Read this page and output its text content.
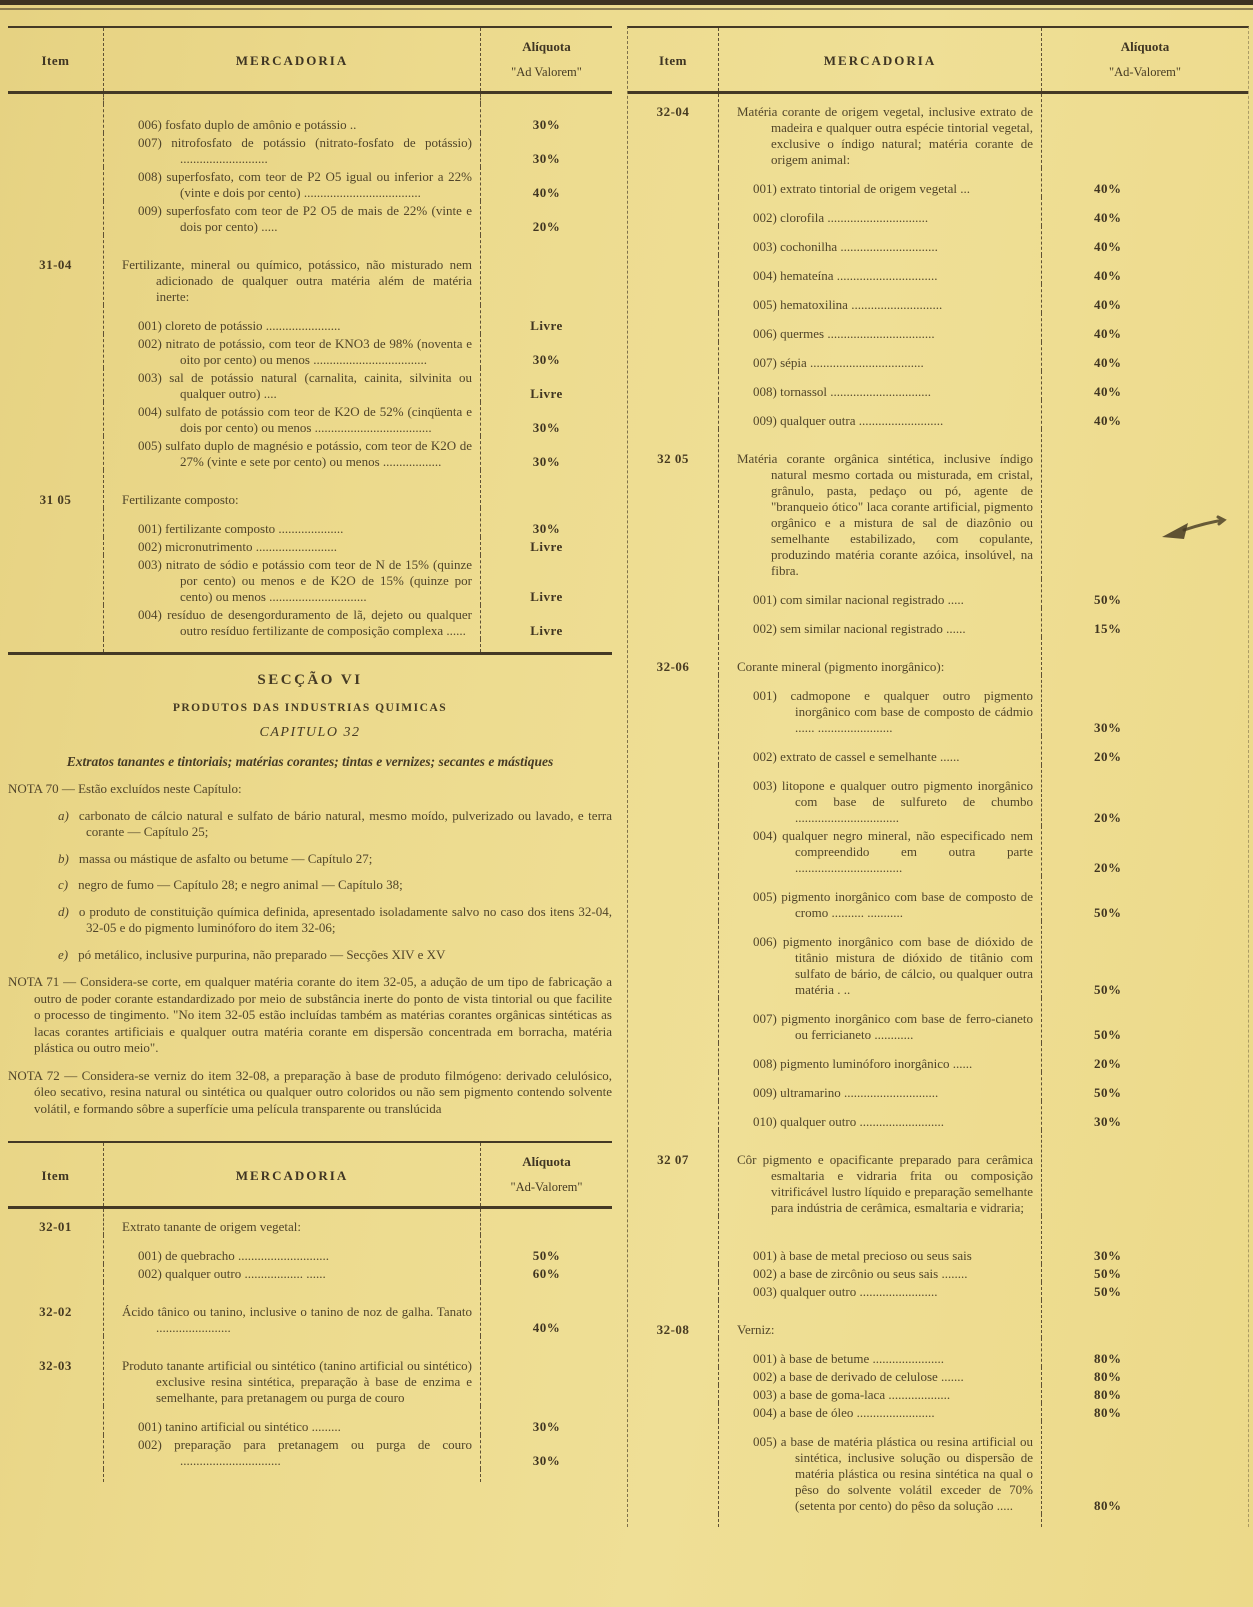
Item	MERCADORIA
Alíquota
"Ad Valorem"
006) fosfato duplo de amônio e potássio ..	30%
007) nitrofosfato de potássio (nitrato-fosfato de potássio) ...........................	30%
008) superfosfato, com teor de P2 O5 igual ou inferior a 22% (vinte e dois por cento) ....................................	40%
009) superfosfato com teor de P2 O5 de mais de 22% (vinte e dois por cento) .....	20%
31-04	Fertilizante, mineral ou químico, potássico, não misturado nem adicionado de qualquer outra matéria além de matéria inerte:
001) cloreto de potássio .......................	Livre
002) nitrato de potássio, com teor de KNO3 de 98% (noventa e oito por cento) ou menos ...................................	30%
003) sal de potássio natural (carnalita, cainita, silvinita ou qualquer outro) ....	Livre
004) sulfato de potássio com teor de K2O de 52% (cinqüenta e dois por cento) ou menos ....................................	30%
005) sulfato duplo de magnésio e potássio, com teor de K2O de 27% (vinte e sete por cento) ou menos ..................	30%
31 05	Fertilizante composto:
001) fertilizante composto ....................	30%
002) micronutrimento .........................	Livre
003) nitrato de sódio e potássio com teor de N de 15% (quinze por cento) ou menos e de K2O de 15% (quinze por cento) ou menos ..............................	Livre
004) resíduo de desengorduramento de lã, dejeto ou qualquer outro resíduo fertilizante de composição complexa ......	Livre
SECÇÃO VI
PRODUTOS DAS INDUSTRIAS QUIMICAS
CAPITULO 32
Extratos tanantes e tintoriais; matérias corantes; tintas e vernizes; secantes e mástiques
NOTA 70 — Estão excluídos neste Capítulo:
a) carbonato de cálcio natural e sulfato de bário natural, mesmo moído, pulverizado ou lavado, e terra corante — Capítulo 25;
b) massa ou mástique de asfalto ou betume — Capítulo 27;
c) negro de fumo — Capítulo 28; e negro animal — Capítulo 38;
d) o produto de constituição química definida, apresentado isoladamente salvo no caso dos itens 32-04, 32-05 e do pigmento luminóforo do item 32-06;
e) pó metálico, inclusive purpurina, não preparado — Secções XIV e XV
NOTA 71 — Considera-se corte, em qualquer matéria corante do item 32-05, a adução de um tipo de fabricação a outro de poder corante estandardizado por meio de substância inerte do ponto de vista tintorial ou que facilite o processo de tingimento. "No item 32-05 estão incluídas também as matérias corantes orgânicas sintéticas as lacas corantes artificiais e qualquer outra matéria corante em dispersão concentrada em borracha, matéria plástica ou outro meio".
NOTA 72 — Considera-se verniz do item 32-08, a preparação à base de produto filmógeno: derivado celulósico, óleo secativo, resina natural ou sintética ou qualquer outro coloridos ou não sem pigmento contendo solvente volátil, e formando sôbre a superfície uma película transparente ou translúcida
Item	MERCADORIA
Alíquota
"Ad-Valorem"
32-01	Extrato tanante de origem vegetal:
001) de quebracho ............................	50%
002) qualquer outro .................. ......	60%
32-02	Ácido tânico ou tanino, inclusive o tanino de noz de galha. Tanato .......................	40%
32-03	Produto tanante artificial ou sintético (tanino artificial ou sintético) exclusive resina sintética, preparação à base de enzima e semelhante, para pretanagem ou purga de couro
001) tanino artificial ou sintético .........	30%
002) preparação para pretanagem ou purga de couro ...............................	30%
Item	MERCADORIA
Alíquota
"Ad-Valorem"
32-04	Matéria corante de origem vegetal, inclusive extrato de madeira e qualquer outra espécie tintorial vegetal, exclusive o índigo natural; matéria corante de origem animal:
001) extrato tintorial de origem vegetal ...	40%
002) clorofila ...............................	40%
003) cochonilha ..............................	40%
004) hemateína ...............................	40%
005) hematoxilina ............................	40%
006) quermes .................................	40%
007) sépia ...................................	40%
008) tornassol ...............................	40%
009) qualquer outra ..........................	40%
32 05	Matéria corante orgânica sintética, inclusive índigo natural mesmo cortada ou misturada, em cristal, grânulo, pasta, pedaço ou pó, agente de "branqueio ótico" laca corante artificial, pigmento orgânico e a mistura de sal de diazônio ou semelhante estabilizado, com copulante, produzindo matéria corante azóica, insolúvel, na fibra.
001) com similar nacional registrado .....	50%
002) sem similar nacional registrado ......	15%
32-06	Corante mineral (pigmento inorgânico):
001) cadmopone e qualquer outro pigmento inorgânico com base de composto de cádmio ...... .......................	30%
002) extrato de cassel e semelhante ......	20%
003) litopone e qualquer outro pigmento inorgânico com base de sulfureto de chumbo ................................	20%
004) qualquer negro mineral, não especificado nem compreendido em outra parte .................................	20%
005) pigmento inorgânico com base de composto de cromo .......... ...........	50%
006) pigmento inorgânico com base de dióxido de titânio mistura de dióxido de titânio com sulfato de bário, de cálcio, ou qualquer outra matéria . ..	50%
007) pigmento inorgânico com base de ferro-cianeto ou ferricianeto ............	50%
008) pigmento luminóforo inorgânico ......	20%
009) ultramarino .............................	50%
010) qualquer outro ..........................	30%
32 07	Côr pigmento e opacificante preparado para cerâmica esmaltaria e vidraria frita ou composição vitrificável lustro líquido e preparação semelhante para indústria de cerâmica, esmaltaria e vidraria;
001) à base de metal precioso ou seus sais	30%
002) a base de zircônio ou seus sais ........	50%
003) qualquer outro ........................	50%
32-08	Verniz:
001) à base de betume ......................	80%
002) a base de derivado de celulose .......	80%
003) a base de goma-laca ...................	80%
004) a base de óleo ........................	80%
005) a base de matéria plástica ou resina artificial ou sintética, inclusive solução ou dispersão de matéria plástica ou resina sintética na qual o pêso do solvente volátil exceder de 70% (setenta por cento) do pêso da solução .....	80%
